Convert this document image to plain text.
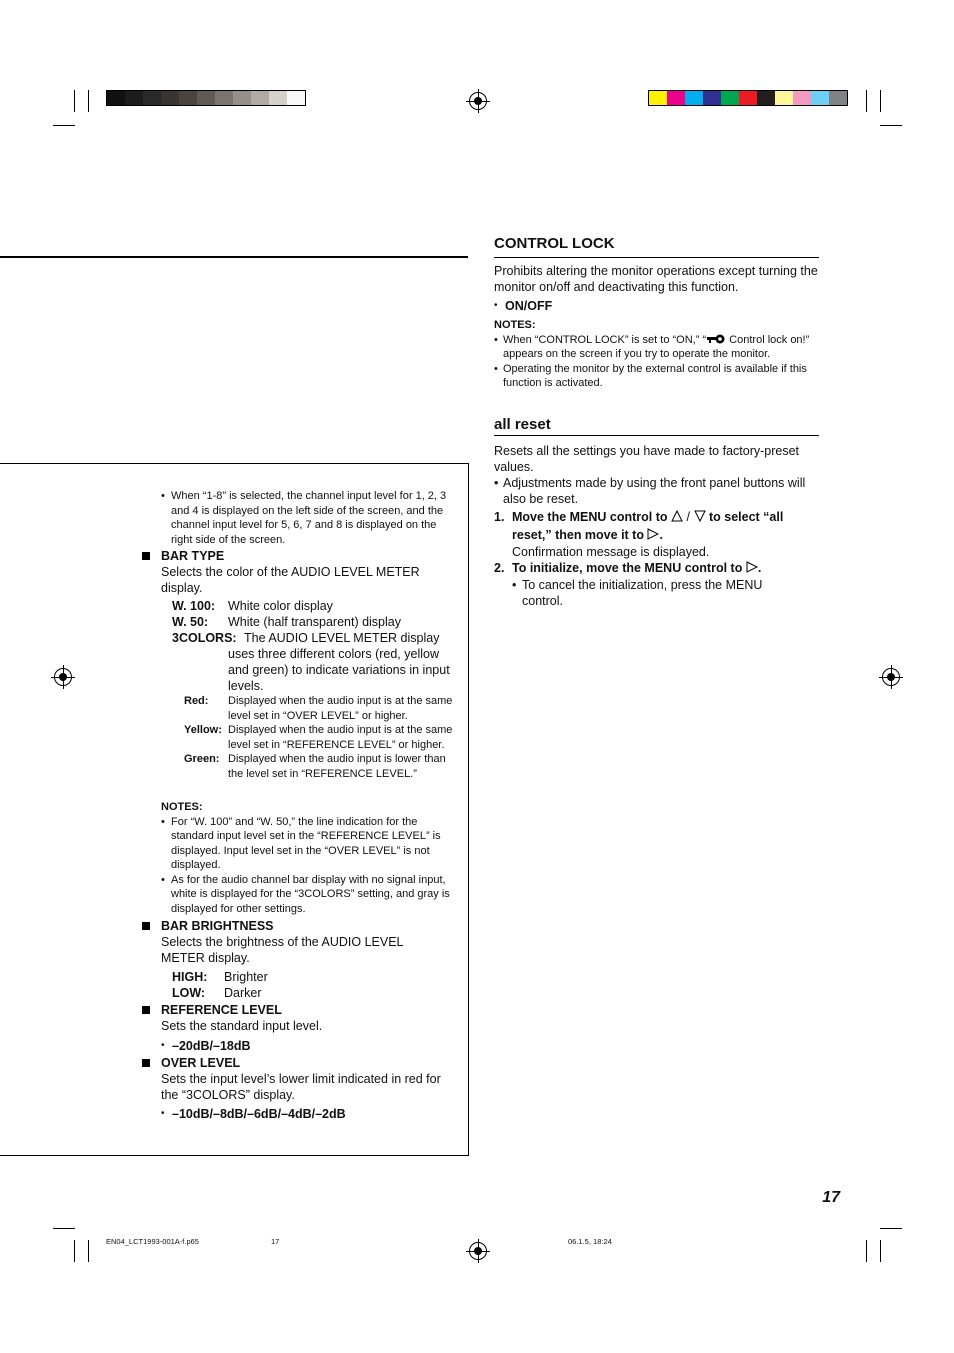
• When “1-8” is selected, the channel input level for 1, 2, 3 and 4 is displayed on the left side of the screen, and the channel input level for 5, 6, 7 and 8 is displayed on the right side of the screen.
BAR TYPE
Selects the color of the AUDIO LEVEL METER display.
W. 100: White color display
W. 50: White (half transparent) display
3COLORS: The AUDIO LEVEL METER display uses three different colors (red, yellow and green) to indicate variations in input levels.
Red: Displayed when the audio input is at the same level set in “OVER LEVEL” or higher.
Yellow: Displayed when the audio input is at the same level set in “REFERENCE LEVEL” or higher.
Green: Displayed when the audio input is lower than the level set in “REFERENCE LEVEL.”
NOTES:
• For “W. 100” and “W. 50,” the line indication for the standard input level set in the “REFERENCE LEVEL” is displayed. Input level set in the “OVER LEVEL” is not displayed.
• As for the audio channel bar display with no signal input, white is displayed for the “3COLORS” setting, and gray is displayed for other settings.
BAR BRIGHTNESS
Selects the brightness of the AUDIO LEVEL METER display.
HIGH: Brighter
LOW: Darker
REFERENCE LEVEL
Sets the standard input level.
• –20dB/–18dB
OVER LEVEL
Sets the input level’s lower limit indicated in red for the “3COLORS” display.
• –10dB/–8dB/–6dB/–4dB/–2dB
CONTROL LOCK
Prohibits altering the monitor operations except turning the monitor on/off and deactivating this function.
• ON/OFF
NOTES:
• When “CONTROL LOCK” is set to “ON,” “ Control lock on!” appears on the screen if you try to operate the monitor.
• Operating the monitor by the external control is available if this function is activated.
all reset
Resets all the settings you have made to factory-preset values.
• Adjustments made by using the front panel buttons will also be reset.
1. Move the MENU control to / to select “all
reset,” then move it to .
Confirmation message is displayed.
2. To initialize, move the MENU control to .
• To cancel the initialization, press the MENU control.
17
EN04_LCT1993-001A-f.p65	17	06.1.5, 18:24
